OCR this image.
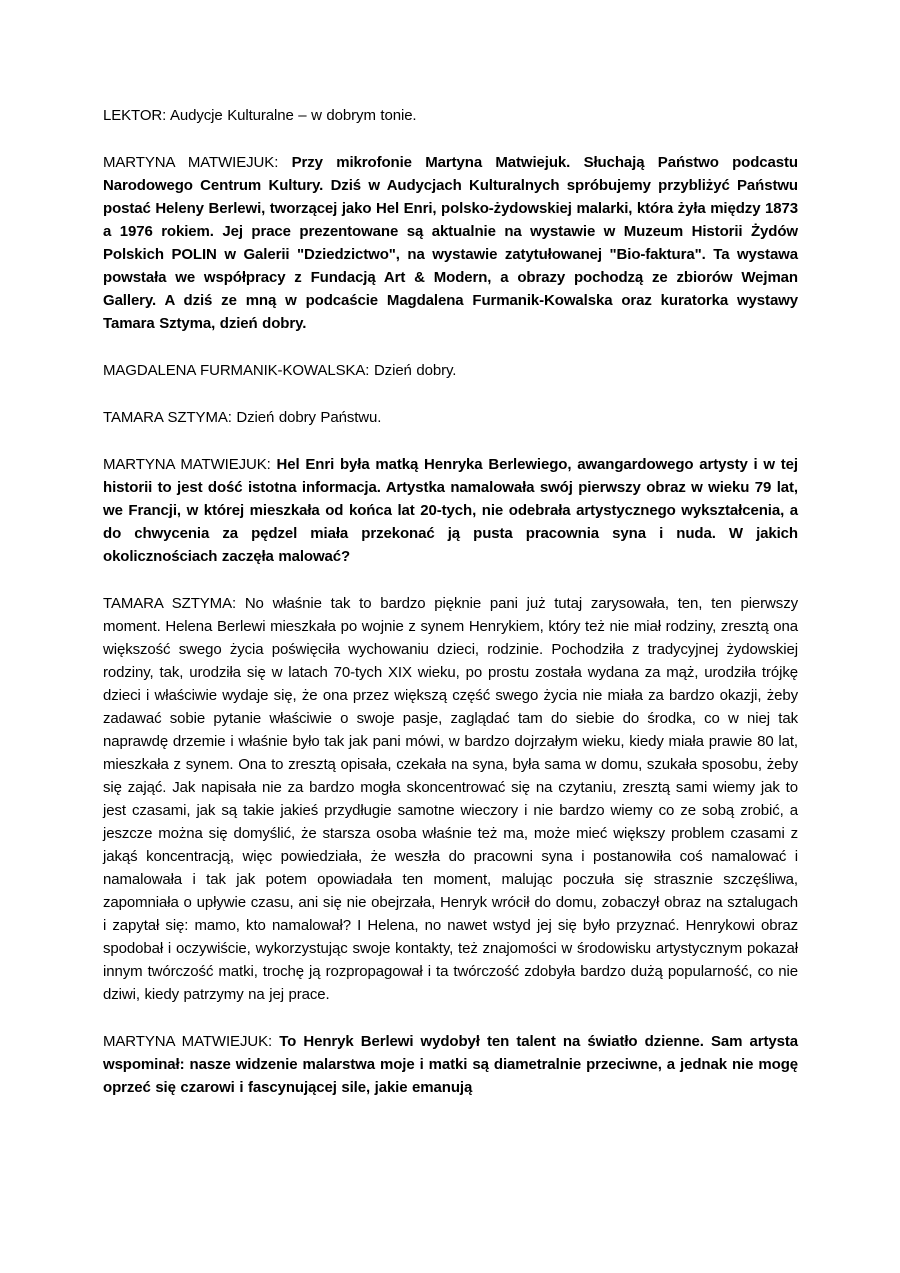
LEKTOR: Audycje Kulturalne – w dobrym tonie.

MARTYNA MATWIEJUK: Przy mikrofonie Martyna Matwiejuk. Słuchają Państwo podcastu Narodowego Centrum Kultury. Dziś w Audycjach Kulturalnych spróbujemy przybliżyć Państwu postać Heleny Berlewi, tworzącej jako Hel Enri, polsko-żydowskiej malarki, która żyła między 1873 a 1976 rokiem. Jej prace prezentowane są aktualnie na wystawie w Muzeum Historii Żydów Polskich POLIN w Galerii "Dziedzictwo", na wystawie zatytułowanej "Bio-faktura". Ta wystawa powstała we współpracy z Fundacją Art & Modern, a obrazy pochodzą ze zbiorów Wejman Gallery. A dziś ze mną w podcaście Magdalena Furmanik-Kowalska oraz kuratorka wystawy Tamara Sztyma, dzień dobry.

MAGDALENA FURMANIK-KOWALSKA: Dzień dobry.

TAMARA SZTYMA: Dzień dobry Państwu.

MARTYNA MATWIEJUK: Hel Enri była matką Henryka Berlewiego, awangardowego artysty i w tej historii to jest dość istotna informacja. Artystka namalowała swój pierwszy obraz w wieku 79 lat, we Francji, w której mieszkała od końca lat 20-tych, nie odebrała artystycznego wykształcenia, a do chwycenia za pędzel miała przekonać ją pusta pracownia syna i nuda. W jakich okolicznościach zaczęła malować?

TAMARA SZTYMA: No właśnie tak to bardzo pięknie pani już tutaj zarysowała, ten, ten pierwszy moment. Helena Berlewi mieszkała po wojnie z synem Henrykiem, który też nie miał rodziny, zresztą ona większość swego życia poświęciła wychowaniu dzieci, rodzinie. Pochodziła z tradycyjnej żydowskiej rodziny, tak, urodziła się w latach 70-tych XIX wieku, po prostu została wydana za mąż, urodziła trójkę dzieci i właściwie wydaje się, że ona przez większą część swego życia nie miała za bardzo okazji, żeby zadawać sobie pytanie właściwie o swoje pasje, zaglądać tam do siebie do środka, co w niej tak naprawdę drzemie i właśnie było tak jak pani mówi, w bardzo dojrzałym wieku, kiedy miała prawie 80 lat, mieszkała z synem. Ona to zresztą opisała, czekała na syna, była sama w domu, szukała sposobu, żeby się zająć. Jak napisała nie za bardzo mogła skoncentrować się na czytaniu, zresztą sami wiemy jak to jest czasami, jak są takie jakieś przydługie samotne wieczory i nie bardzo wiemy co ze sobą zrobić, a jeszcze można się domyślić, że starsza osoba właśnie też ma, może mieć większy problem czasami z jakąś koncentracją, więc powiedziała, że weszła do pracowni syna i postanowiła coś namalować i namalowała i tak jak potem opowiadała ten moment, malując poczuła się strasznie szczęśliwa, zapomniała o upływie czasu, ani się nie obejrzała, Henryk wrócił do domu, zobaczył obraz na sztalugach i zapytał się: mamo, kto namalował? I Helena, no nawet wstyd jej się było przyznać. Henrykowi obraz spodobał i oczywiście, wykorzystując swoje kontakty, też znajomości w środowisku artystycznym pokazał innym twórczość matki, trochę ją rozpropagował i ta twórczość zdobyła bardzo dużą popularność, co nie dziwi, kiedy patrzymy na jej prace.

MARTYNA MATWIEJUK: To Henryk Berlewi wydobył ten talent na światło dzienne. Sam artysta wspominał: nasze widzenie malarstwa moje i matki są diametralnie przeciwne, a jednak nie mogę oprzeć się czarowi i fascynującej sile, jakie emanują
